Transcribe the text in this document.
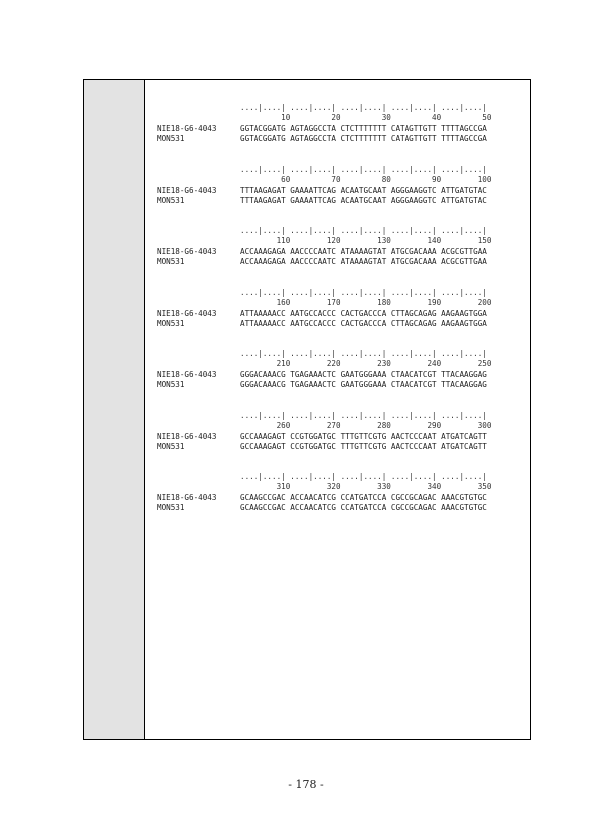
....|....| ....|....| ....|....| ....|....| ....|....|
10         20         30         40         50
NIE18-G6-4043	GGTACGGATG AGTAGGCCTA CTCTTTTTTT CATAGTTGTT TTTTAGCCGA
MON531	GGTACGGATG AGTAGGCCTA CTCTTTTTTT CATAGTTGTT TTTTAGCCGA
....|....| ....|....| ....|....| ....|....| ....|....|
60         70         80         90        100
NIE18-G6-4043	TTTAAGAGAT GAAAATTCAG ACAATGCAAT AGGGAAGGTC ATTGATGTAC
MON531	TTTAAGAGAT GAAAATTCAG ACAATGCAAT AGGGAAGGTC ATTGATGTAC
....|....| ....|....| ....|....| ....|....| ....|....|
110        120        130        140        150
NIE18-G6-4043	ACCAAAGAGA AACCCCAATC ATAAAAGTAT ATGCGACAAA ACGCGTTGAA
MON531	ACCAAAGAGA AACCCCAATC ATAAAAGTAT ATGCGACAAA ACGCGTTGAA
....|....| ....|....| ....|....| ....|....| ....|....|
160        170        180        190        200
NIE18-G6-4043	ATTAAAAACC AATGCCACCC CACTGACCCA CTTAGCAGAG AAGAAGTGGA
MON531	ATTAAAAACC AATGCCACCC CACTGACCCA CTTAGCAGAG AAGAAGTGGA
....|....| ....|....| ....|....| ....|....| ....|....|
210        220        230        240        250
NIE18-G6-4043	GGGACAAACG TGAGAAACTC GAATGGGAAA CTAACATCGT TTACAAGGAG
MON531	GGGACAAACG TGAGAAACTC GAATGGGAAA CTAACATCGT TTACAAGGAG
....|....| ....|....| ....|....| ....|....| ....|....|
260        270        280        290        300
NIE18-G6-4043	GCCAAAGAGT CCGTGGATGC TTTGTTCGTG AACTCCCAAT ATGATCAGTT
MON531	GCCAAAGAGT CCGTGGATGC TTTGTTCGTG AACTCCCAAT ATGATCAGTT
....|....| ....|....| ....|....| ....|....| ....|....|
310        320        330        340        350
NIE18-G6-4043	GCAAGCCGAC ACCAACATCG CCATGATCCA CGCCGCAGAC AAACGTGTGC
MON531	GCAAGCCGAC ACCAACATCG CCATGATCCA CGCCGCAGAC AAACGTGTGC
- 178 -
